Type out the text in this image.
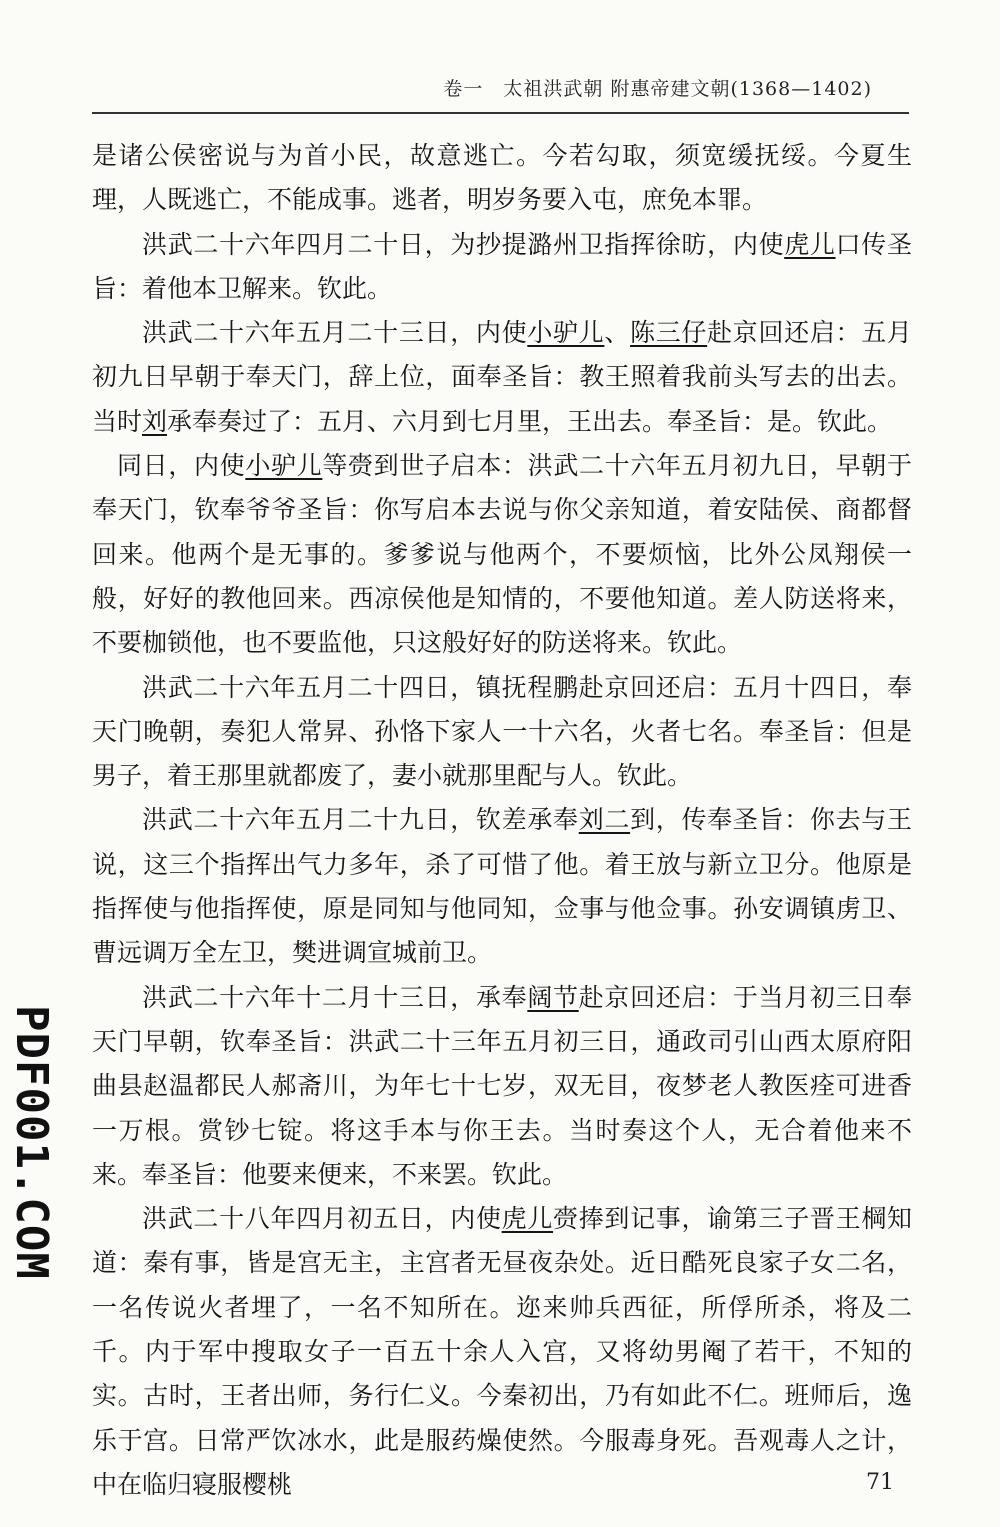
卷一　太祖洪武朝 附惠帝建文朝(1368—1402)

是诸公侯密说与为首小民，故意逃亡。今若勾取，须宽缓抚绥。今夏生理，人既逃亡，不能成事。逃者，明岁务要入屯，庶免本罪。

洪武二十六年四月二十日，为抄提潞州卫指挥徐昉，内使虎儿口传圣旨：着他本卫解来。钦此。

洪武二十六年五月二十三日，内使小驴儿、陈三仔赴京回还启：五月初九日早朝于奉天门，辞上位，面奉圣旨：教王照着我前头写去的出去。当时刘承奉奏过了：五月、六月到七月里，王出去。奉圣旨：是。钦此。

同日，内使小驴儿等赍到世子启本：洪武二十六年五月初九日，早朝于奉天门，钦奉爷爷圣旨：你写启本去说与你父亲知道，着安陆侯、商都督回来。他两个是无事的。爹爹说与他两个，不要烦恼，比外公凤翔侯一般，好好的教他回来。西凉侯他是知情的，不要他知道。差人防送将来，不要枷锁他，也不要监他，只这般好好的防送将来。钦此。

洪武二十六年五月二十四日，镇抚程鹏赴京回还启：五月十四日，奉天门晚朝，奏犯人常昇、孙恪下家人一十六名，火者七名。奉圣旨：但是男子，着王那里就都废了，妻小就那里配与人。钦此。

洪武二十六年五月二十九日，钦差承奉刘二到，传奉圣旨：你去与王说，这三个指挥出气力多年，杀了可惜了他。着王放与新立卫分。他原是指挥使与他指挥使，原是同知与他同知，佥事与他佥事。孙安调镇虏卫、曹远调万全左卫，樊进调宣城前卫。

洪武二十六年十二月十三日，承奉阔节赴京回还启：于当月初三日奉天门早朝，钦奉圣旨：洪武二十三年五月初三日，通政司引山西太原府阳曲县赵温都民人郝斋川，为年七十七岁，双无目，夜梦老人教医痊可进香一万根。赏钞七锭。将这手本与你王去。当时奏这个人，无合着他来不来。奉圣旨：他要来便来，不来罢。钦此。

洪武二十八年四月初五日，内使虎儿赍捧到记事，谕第三子晋王棡知道：秦有事，皆是宫无主，主宫者无昼夜杂处。近日酷死良家子女二名，一名传说火者埋了，一名不知所在。迩来帅兵西征，所俘所杀，将及二千。内于军中搜取女子一百五十余人入宫，又将幼男阉了若干，不知的实。古时，王者出师，务行仁义。今秦初出，乃有如此不仁。班师后，逸乐于宫。日常严饮冰水，此是服药燥使然。今服毒身死。吾观毒人之计，中在临归寝服樱桃

PDF001.COM
71
